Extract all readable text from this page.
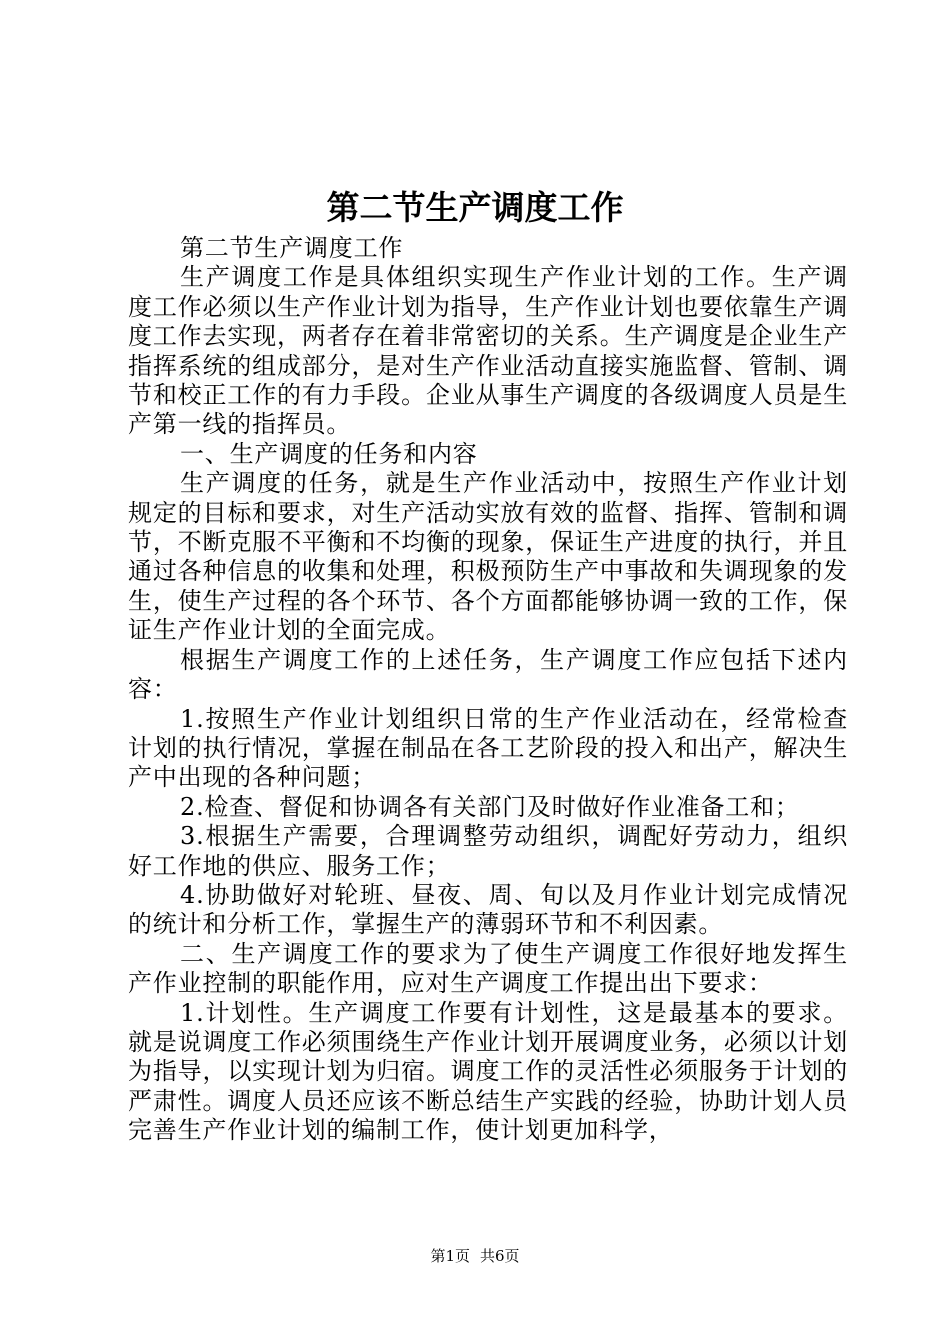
第二节生产调度工作

第二节生产调度工作

生产调度工作是具体组织实现生产作业计划的工作。生产调度工作必须以生产作业计划为指导，生产作业计划也要依靠生产调度工作去实现，两者存在着非常密切的关系。生产调度是企业生产指挥系统的组成部分，是对生产作业活动直接实施监督、管制、调节和校正工作的有力手段。企业从事生产调度的各级调度人员是生产第一线的指挥员。

一、生产调度的任务和内容

生产调度的任务，就是生产作业活动中，按照生产作业计划规定的目标和要求，对生产活动实放有效的监督、指挥、管制和调节，不断克服不平衡和不均衡的现象，保证生产进度的执行，并且通过各种信息的收集和处理，积极预防生产中事故和失调现象的发生，使生产过程的各个环节、各个方面都能够协调一致的工作，保证生产作业计划的全面完成。

根据生产调度工作的上述任务，生产调度工作应包括下述内容：

1.按照生产作业计划组织日常的生产作业活动在，经常检查计划的执行情况，掌握在制品在各工艺阶段的投入和出产，解决生产中出现的各种问题；

2.检查、督促和协调各有关部门及时做好作业准备工和；

3.根据生产需要，合理调整劳动组织，调配好劳动力，组织好工作地的供应、服务工作；

4.协助做好对轮班、昼夜、周、旬以及月作业计划完成情况的统计和分析工作，掌握生产的薄弱环节和不利因素。

二、生产调度工作的要求为了使生产调度工作很好地发挥生产作业控制的职能作用，应对生产调度工作提出出下要求：

1.计划性。生产调度工作要有计划性，这是最基本的要求。就是说调度工作必须围绕生产作业计划开展调度业务，必须以计划为指导，以实现计划为归宿。调度工作的灵活性必须服务于计划的严肃性。调度人员还应该不断总结生产实践的经验，协助计划人员完善生产作业计划的编制工作，使计划更加科学，

第1页 共6页
